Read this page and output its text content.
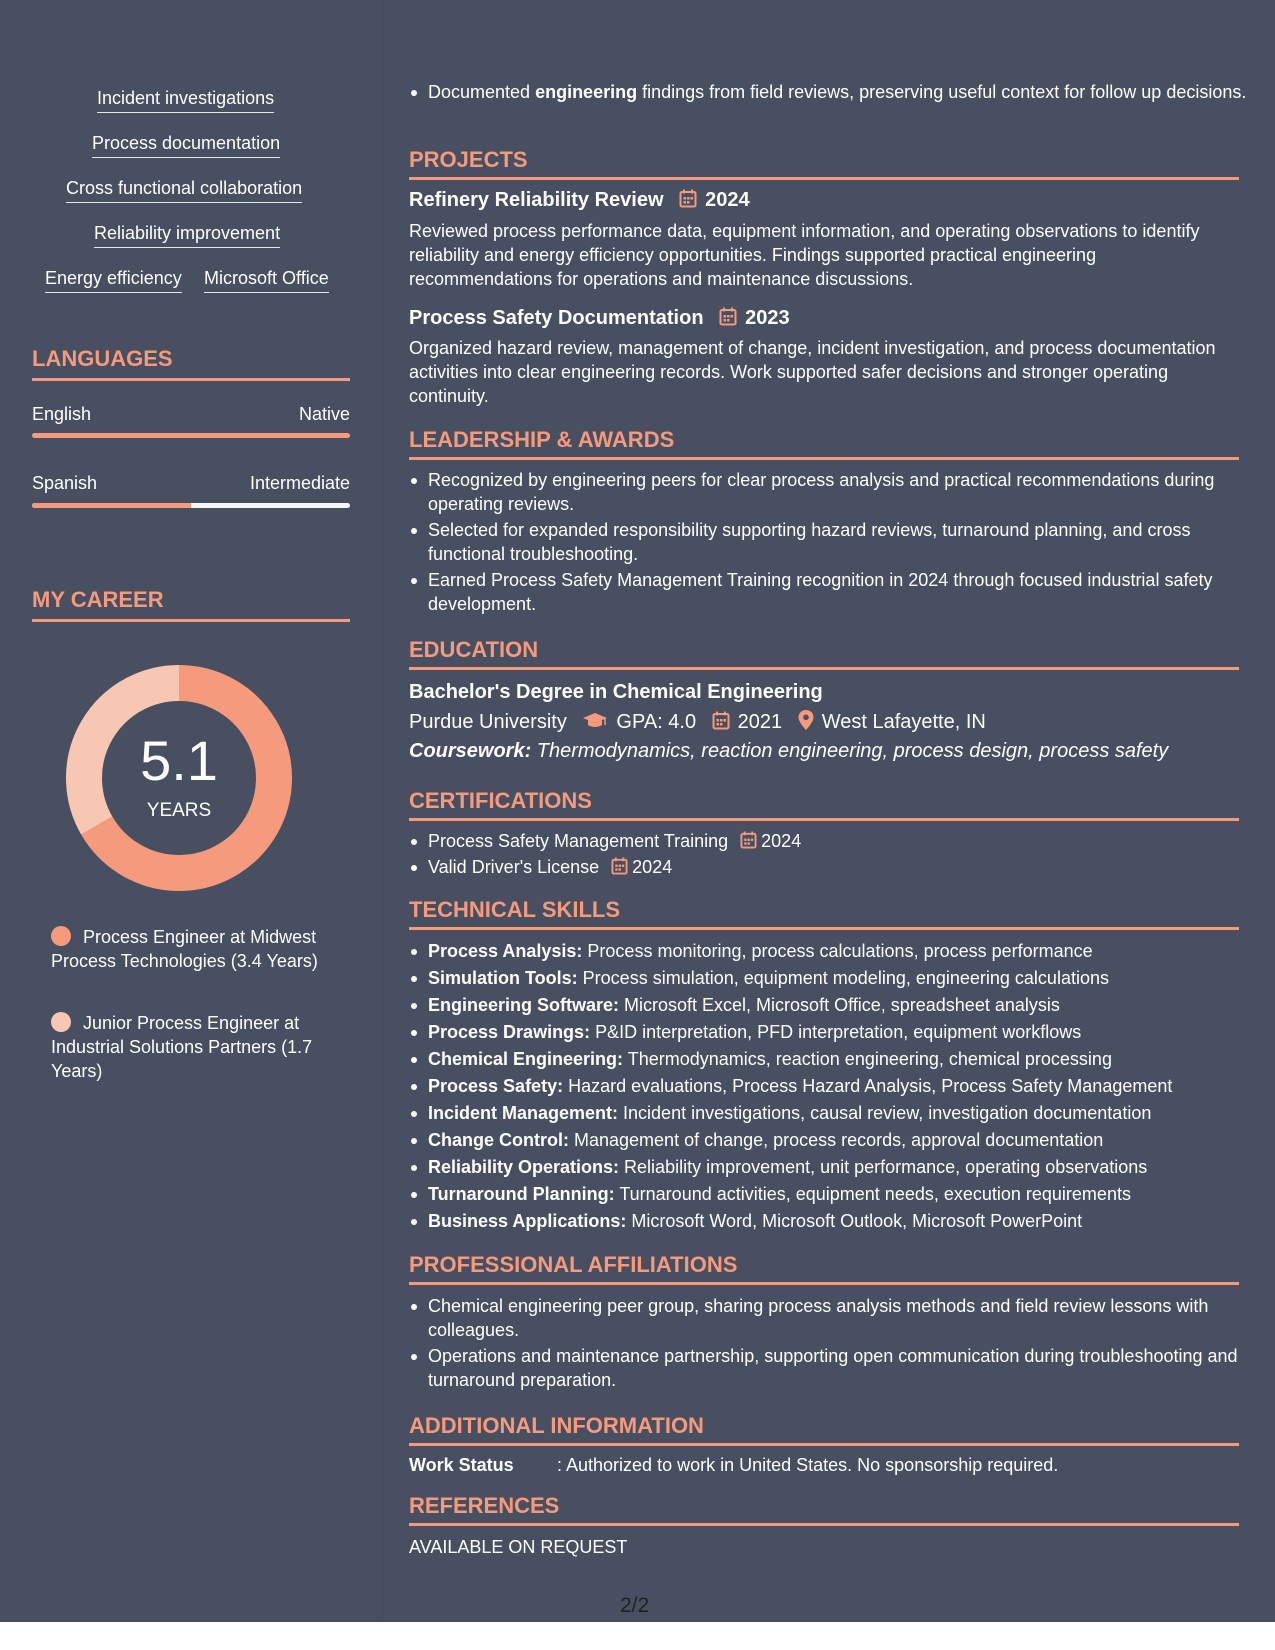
Incident investigations
Process documentation
Cross functional collaboration
Reliability improvement
Energy efficiency Microsoft Office
LANGUAGES
English	Native
Spanish	Intermediate
MY CAREER
5.1
YEARS
Process Engineer at Midwest Process Technologies (3.4 Years)
Junior Process Engineer at Industrial Solutions Partners (1.7 Years)
Documented engineering findings from field reviews, preserving useful context for follow up decisions.
PROJECTS
Refinery Reliability Review 2024
Reviewed process performance data, equipment information, and operating observations to identify reliability and energy efficiency opportunities. Findings supported practical engineering recommendations for operations and maintenance discussions.
Process Safety Documentation 2023
Organized hazard review, management of change, incident investigation, and process documentation activities into clear engineering records. Work supported safer decisions and stronger operating continuity.
LEADERSHIP & AWARDS
Recognized by engineering peers for clear process analysis and practical recommendations during operating reviews.
Selected for expanded responsibility supporting hazard reviews, turnaround planning, and cross functional troubleshooting.
Earned Process Safety Management Training recognition in 2024 through focused industrial safety development.
EDUCATION
Bachelor's Degree in Chemical Engineering
Purdue University GPA: 4.0 2021 West Lafayette, IN
Coursework: Thermodynamics, reaction engineering, process design, process safety
CERTIFICATIONS
Process Safety Management Training 2024
Valid Driver's License 2024
TECHNICAL SKILLS
Process Analysis: Process monitoring, process calculations, process performance
Simulation Tools: Process simulation, equipment modeling, engineering calculations
Engineering Software: Microsoft Excel, Microsoft Office, spreadsheet analysis
Process Drawings: P&ID interpretation, PFD interpretation, equipment workflows
Chemical Engineering: Thermodynamics, reaction engineering, chemical processing
Process Safety: Hazard evaluations, Process Hazard Analysis, Process Safety Management
Incident Management: Incident investigations, causal review, investigation documentation
Change Control: Management of change, process records, approval documentation
Reliability Operations: Reliability improvement, unit performance, operating observations
Turnaround Planning: Turnaround activities, equipment needs, execution requirements
Business Applications: Microsoft Word, Microsoft Outlook, Microsoft PowerPoint
PROFESSIONAL AFFILIATIONS
Chemical engineering peer group, sharing process analysis methods and field review lessons with colleagues.
Operations and maintenance partnership, supporting open communication during troubleshooting and turnaround preparation.
ADDITIONAL INFORMATION
Work Status : Authorized to work in United States. No sponsorship required.
REFERENCES
AVAILABLE ON REQUEST
2/2
